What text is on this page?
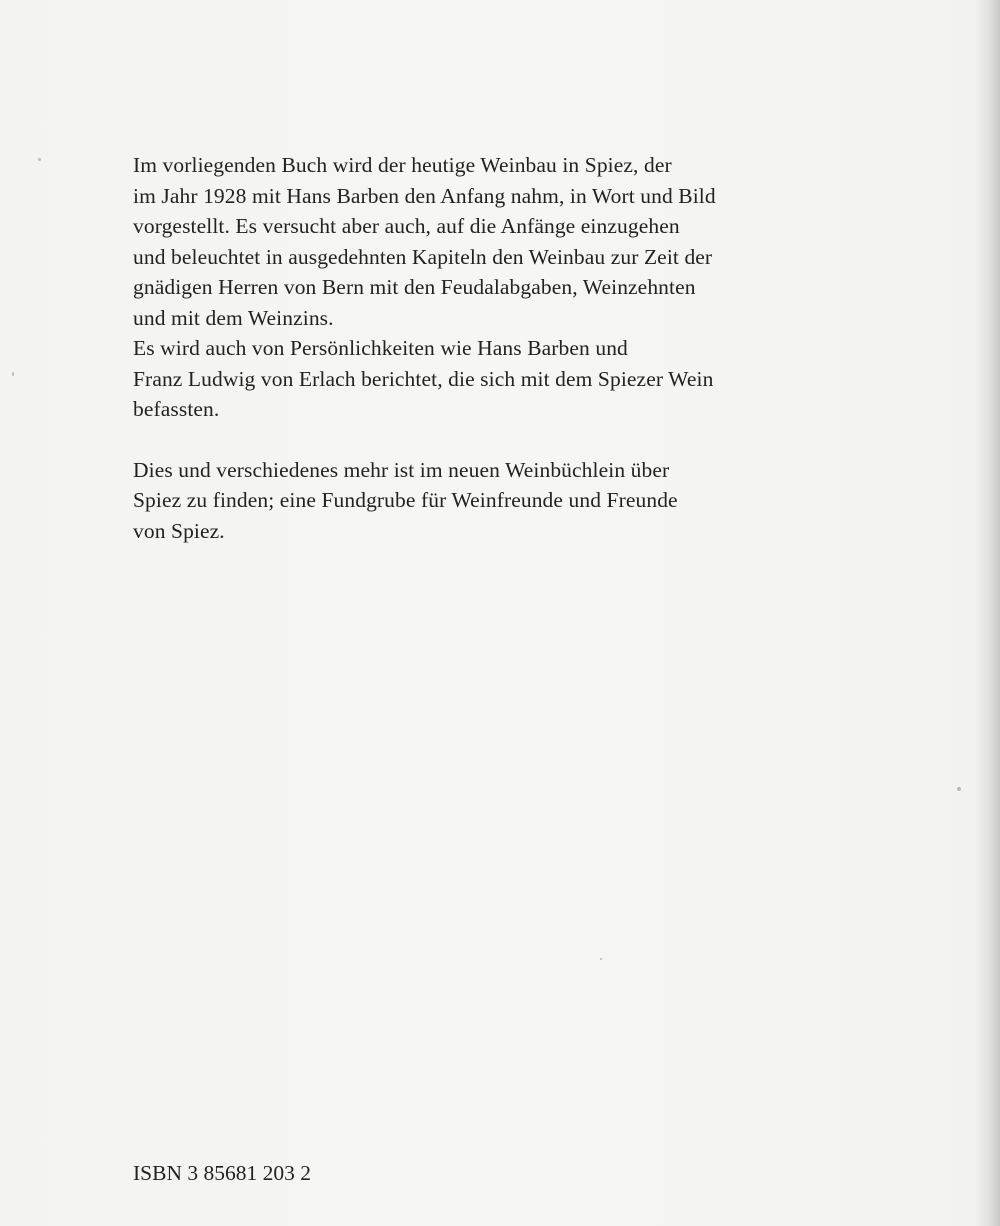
Im vorliegenden Buch wird der heutige Weinbau in Spiez, der
im Jahr 1928 mit Hans Barben den Anfang nahm, in Wort und Bild
vorgestellt. Es versucht aber auch, auf die Anfänge einzugehen
und beleuchtet in ausgedehnten Kapiteln den Weinbau zur Zeit der
gnädigen Herren von Bern mit den Feudalabgaben, Weinzehnten
und mit dem Weinzins.
Es wird auch von Persönlichkeiten wie Hans Barben und
Franz Ludwig von Erlach berichtet, die sich mit dem Spiezer Wein
befassten.
Dies und verschiedenes mehr ist im neuen Weinbüchlein über
Spiez zu finden; eine Fundgrube für Weinfreunde und Freunde
von Spiez.
ISBN 3 85681 203 2
